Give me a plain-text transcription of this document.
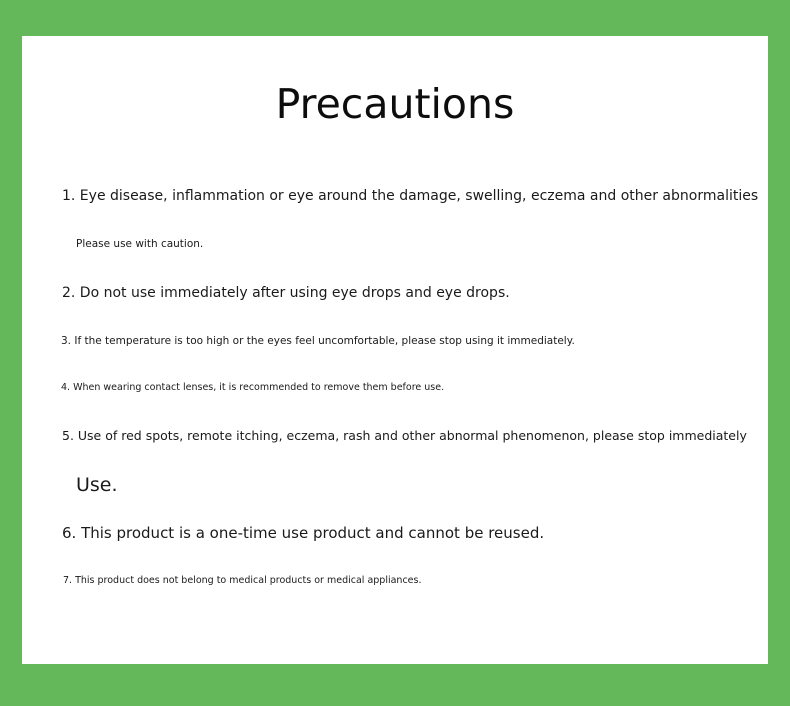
Precautions

1. Eye disease, inflammation or eye around the damage, swelling, eczema and other abnormalities

Please use with caution.

2. Do not use immediately after using eye drops and eye drops.

3. If the temperature is too high or the eyes feel uncomfortable, please stop using it immediately.

4. When wearing contact lenses, it is recommended to remove them before use.

5. Use of red spots, remote itching, eczema, rash and other abnormal phenomenon, please stop immediately

Use.

6. This product is a one-time use product and cannot be reused.

7. This product does not belong to medical products or medical appliances.
